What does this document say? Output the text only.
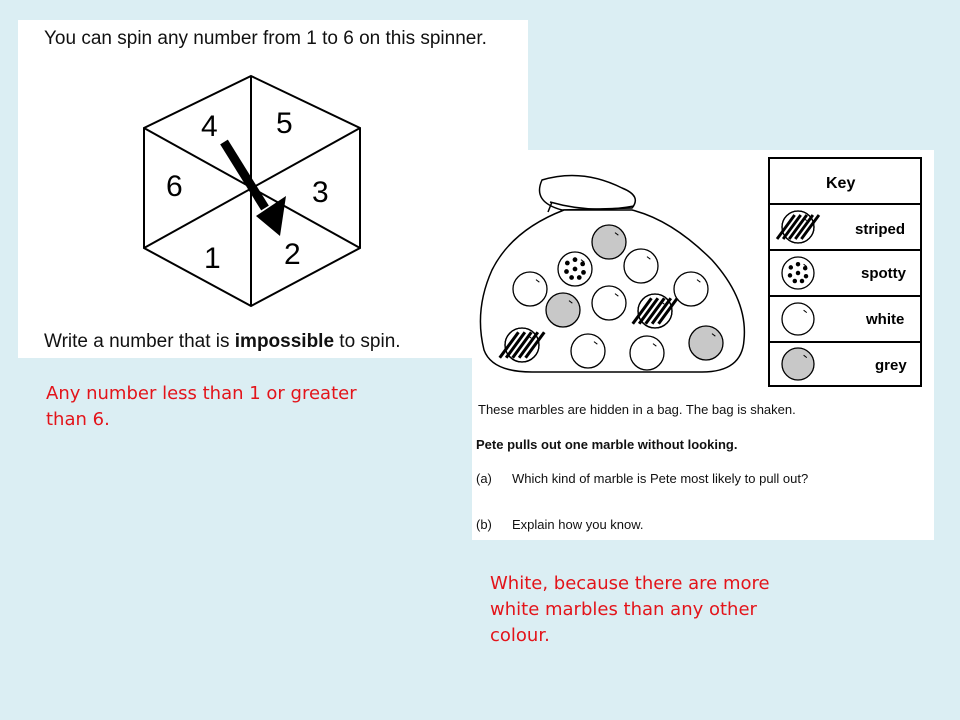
You can spin any number from 1 to 6 on this spinner.
4 5
6	3
1 2
Write a number that is impossible to spin.
Any number less than 1 or greater
than 6.
Key
striped
spotty
white
grey
These marbles are hidden in a bag. The bag is shaken.
Pete pulls out one marble without looking.
(a) Which kind of marble is Pete most likely to pull out?
(b) Explain how you know.
White, because there are more
white marbles than any other
colour.
